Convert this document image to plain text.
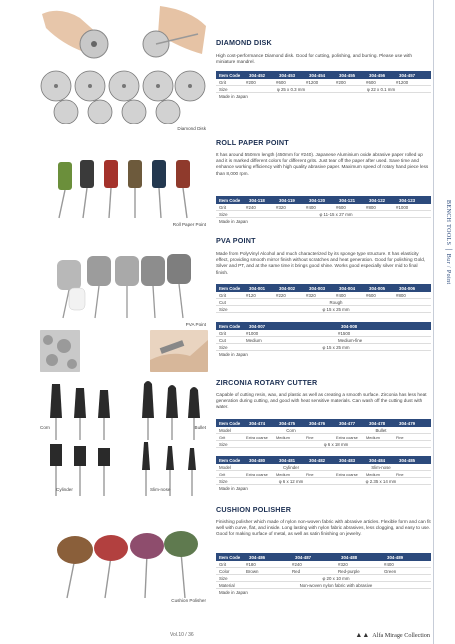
Diamond Disk
Roll Paper Point
PVA Point
Corn	Bullet
Cylinder	Slim-nose
Cushion Polisher
DIAMOND DISK
High cost-performance Diamond disk. Good for cutting, polishing, and burring. Please use with miniature mandrel.
Item Code	304-452	304-453	304-454	304-455	304-456	304-457
Grit	#200	#600	#1200	#200	#600	#1200
Size	φ 25 x 0.3 mm	φ 22 x 0.1 mm
Made in Japan
ROLL PAPER POINT
It has around 550mm length (450mm for #240). Japanese Aluminium oxide abrasive paper rolled up and it is marked different colors for different grits. Just tear off the paper after used. Save time and enhance working efficiency with high quality abrasive paper. Maximum speed of rotary hand piece less than 8,000 rpm.
Item Code	304-118	304-119	304-120	304-121	304-122	304-123
Grit	#240	#320	#400	#600	#800	#1000
Size	φ 11-15 x 27 mm
Made in Japan
PVA POINT
Made from PolyVinyl Alcohol and much characterized by its sponge type structure. It has elasticity effect, providing smooth mirror finish without scratches and heat generation. Good for polishing Gold, Silver and PT, and at the same time it brings good shine. Works good especially silver mid to final finish.
Item Code	304-001	304-002	304-003	304-004	304-005	304-006
Grit	#120	#220	#320	#400	#600	#800
Cut	Rough
Size	φ 15 x 25 mm
Item Code	304-007	304-008
Grit	#1000	#1500
Cut	Medium	Medium-fine
Size	φ 15 x 25 mm
Made in Japan
ZIRCONIA ROTARY CUTTER
Capable of cutting resin, wax, and plastic as well as creating a smooth surface. Zirconia has less heat generation during cutting, and good with heat sensitive materials. Can wash off the cutting dust with water.
Item Code	304-474	304-475	304-476	304-477	304-478	304-479
Model	Corn	Bullet
Grit	Extra coarse	Medium	Fine	Extra coarse	Medium	Fine
Size	φ 6 x 18 mm
Item Code	304-480	304-481	304-482	304-483	304-484	304-485
Model	Cylinder	Slim-nose
Grit	Extra coarse	Medium	Fine	Extra coarse	Medium	Fine
Size	φ 6 x 12 mm	φ 2.35 x 14 mm
Made in Japan
CUSHION POLISHER
Finishing polisher which made of nylon non-woven fabric with abrasive articles. Flexible form and can fit well with curve, flat, and inside. Long lasting with nylon fabric abrasives, less clogging, and easy to use. Good for making surface of metal, as well as satin finishing on jewelry.
Item Code	304-486	304-487	304-488	304-489
Grit	#180	#240	#320	#400
Color	Brown	Red	Red-purple	Green
Size	φ 20 x 10 mm
Material	Non-woven nylon fabric with abrasive
Made in Japan
BENCH TOOLS │ Bur / Point
Vol.10 / 36	▲▲ Alfa Mirage Collection
